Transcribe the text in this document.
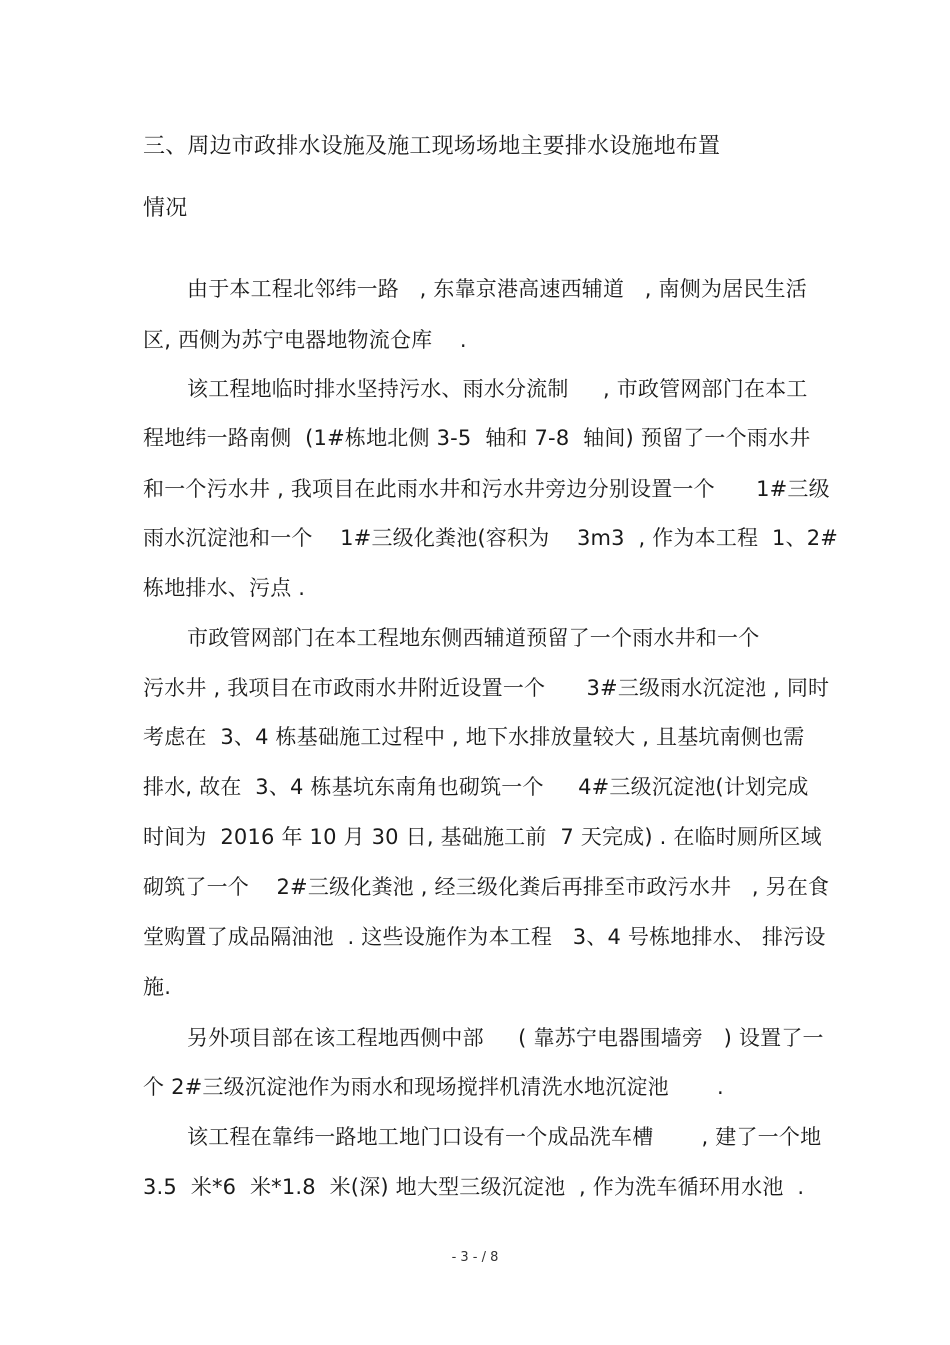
三、周边市政排水设施及施工现场场地主要排水设施地布置
情况
由于本工程北邻纬一路   , 东靠京港高速西辅道   , 南侧为居民生活
区, 西侧为苏宁电器地物流仓库    .
该工程地临时排水坚持污水、雨水分流制     , 市政管网部门在本工
程地纬一路南侧  (1#栋地北侧 3-5  轴和 7-8  轴间) 预留了一个雨水井
和一个污水井 , 我项目在此雨水井和污水井旁边分别设置一个      1#三级
雨水沉淀池和一个    1#三级化粪池(容积为    3m3  , 作为本工程  1、2#
栋地排水、污点 .
市政管网部门在本工程地东侧西辅道预留了一个雨水井和一个
污水井 , 我项目在市政雨水井附近设置一个      3#三级雨水沉淀池 , 同时
考虑在  3、4 栋基础施工过程中 , 地下水排放量较大 , 且基坑南侧也需
排水, 故在  3、4 栋基坑东南角也砌筑一个     4#三级沉淀池(计划完成
时间为  2016 年 10 月 30 日, 基础施工前  7 天完成) . 在临时厕所区域
砌筑了一个    2#三级化粪池 , 经三级化粪后再排至市政污水井   , 另在食
堂购置了成品隔油池  . 这些设施作为本工程   3、4 号栋地排水、 排污设
施.
另外项目部在该工程地西侧中部     ( 靠苏宁电器围墙旁   ) 设置了一
个 2#三级沉淀池作为雨水和现场搅拌机清洗水地沉淀池       .
该工程在靠纬一路地工地门口设有一个成品洗车槽       , 建了一个地
3.5  米*6  米*1.8  米(深) 地大型三级沉淀池  , 作为洗车循环用水池  .
- 3 - / 8
